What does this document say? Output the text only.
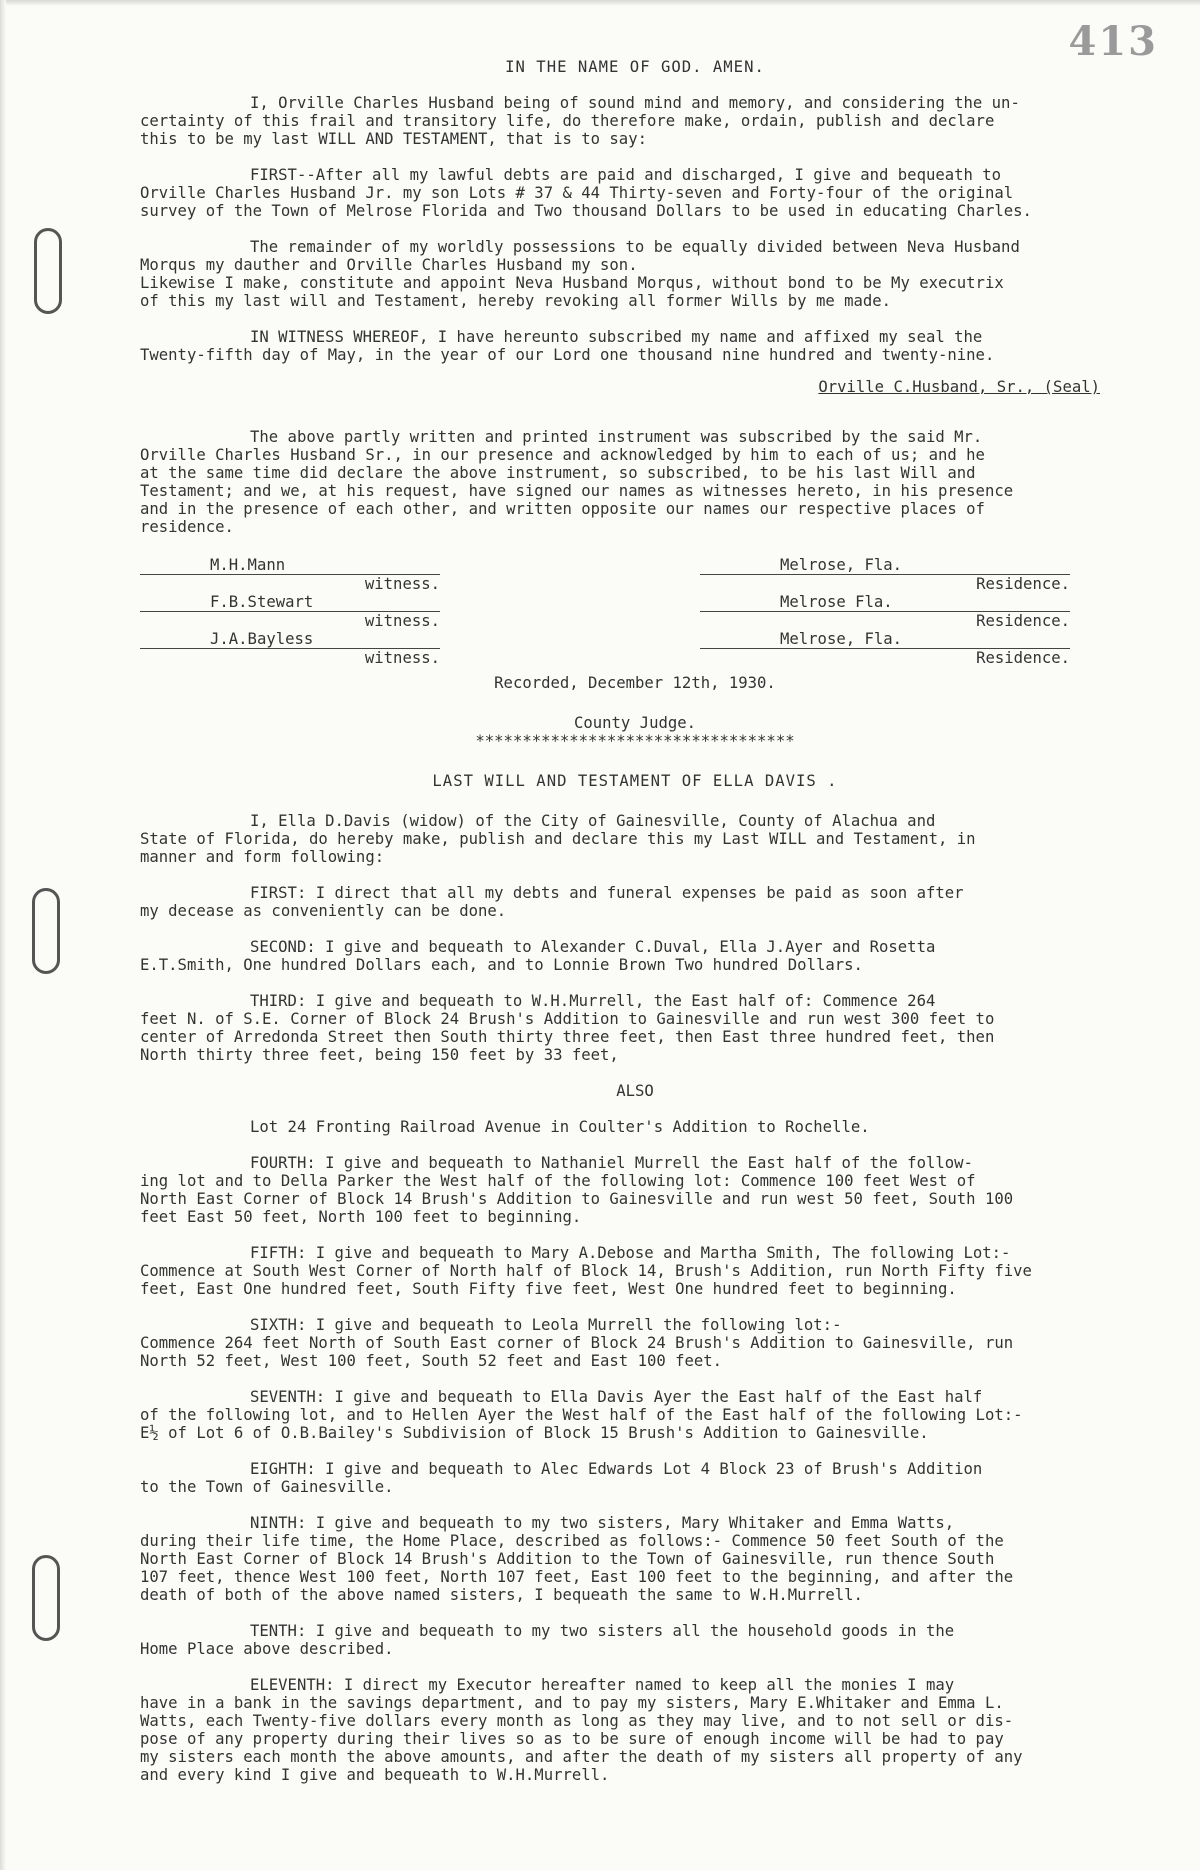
413

IN THE NAME OF GOD. AMEN.

I, Orville Charles Husband being of sound mind and memory, and considering the un-
certainty of this frail and transitory life, do therefore make, ordain, publish and declare
this to be my last WILL AND TESTAMENT, that is to say:

FIRST--After all my lawful debts are paid and discharged, I give and bequeath to
Orville Charles Husband Jr. my son Lots # 37 & 44 Thirty-seven and Forty-four of the original
survey of the Town of Melrose Florida and Two thousand Dollars to be used in educating Charles.

The remainder of my worldly possessions to be equally divided between Neva Husband
Morqus my dauther and Orville Charles Husband my son.

Likewise I make, constitute and appoint Neva Husband Morqus, without bond to be My executrix
of this my last will and Testament, hereby revoking all former Wills by me made.

IN WITNESS WHEREOF, I have hereunto subscribed my name and affixed my seal the
Twenty-fifth day of May, in the year of our Lord one thousand nine hundred and twenty-nine.

Orville C.Husband, Sr., (Seal)

The above partly written and printed instrument was subscribed by the said Mr.
Orville Charles Husband Sr., in our presence and acknowledged by him to each of us; and he
at the same time did declare the above instrument, so subscribed, to be his last Will and
Testament; and we, at his request, have signed our names as witnesses hereto, in his presence
and in the presence of each other, and written opposite our names our respective places of
residence.

M.H.Mann
witness.
F.B.Stewart
witness.
J.A.Bayless
witness.
Melrose, Fla.
Residence.
Melrose Fla.
Residence.
Melrose, Fla.
Residence.

Recorded, December 12th, 1930.

County Judge.

**********************************

LAST WILL AND TESTAMENT OF ELLA DAVIS .

I, Ella D.Davis (widow) of the City of Gainesville, County of Alachua and
State of Florida, do hereby make, publish and declare this my Last WILL and Testament, in
manner and form following:

FIRST: I direct that all my debts and funeral expenses be paid as soon after
my decease as conveniently can be done.

SECOND: I give and bequeath to Alexander C.Duval, Ella J.Ayer and Rosetta
E.T.Smith, One hundred Dollars each, and to Lonnie Brown Two hundred Dollars.

THIRD: I give and bequeath to W.H.Murrell, the East half of: Commence 264
feet N. of S.E. Corner of Block 24 Brush's Addition to Gainesville and run west 300 feet to
center of Arredonda Street then South thirty three feet, then East three hundred feet, then
North thirty three feet, being 150 feet by 33 feet,

ALSO

Lot 24 Fronting Railroad Avenue in Coulter's Addition to Rochelle.

FOURTH: I give and bequeath to Nathaniel Murrell the East half of the follow-
ing lot and to Della Parker the West half of the following lot: Commence 100 feet West of
North East Corner of Block 14 Brush's Addition to Gainesville and run west 50 feet, South 100
feet East 50 feet, North 100 feet to beginning.

FIFTH: I give and bequeath to Mary A.Debose and Martha Smith, The following Lot:-
Commence at South West Corner of North half of Block 14, Brush's Addition, run North Fifty five
feet, East One hundred feet, South Fifty five feet, West One hundred feet to beginning.

SIXTH: I give and bequeath to Leola Murrell the following lot:-
Commence 264 feet North of South East corner of Block 24 Brush's Addition to Gainesville, run
North 52 feet, West 100 feet, South 52 feet and East 100 feet.

SEVENTH: I give and bequeath to Ella Davis Ayer the East half of the East half
of the following lot, and to Hellen Ayer the West half of the East half of the following Lot:-
E½ of Lot 6 of O.B.Bailey's Subdivision of Block 15 Brush's Addition to Gainesville.

EIGHTH: I give and bequeath to Alec Edwards Lot 4 Block 23 of Brush's Addition
to the Town of Gainesville.

NINTH: I give and bequeath to my two sisters, Mary Whitaker and Emma Watts,
during their life time, the Home Place, described as follows:- Commence 50 feet South of the
North East Corner of Block 14 Brush's Addition to the Town of Gainesville, run thence South
107 feet, thence West 100 feet, North 107 feet, East 100 feet to the beginning, and after the
death of both of the above named sisters, I bequeath the same to W.H.Murrell.

TENTH: I give and bequeath to my two sisters all the household goods in the
Home Place above described.

ELEVENTH: I direct my Executor hereafter named to keep all the monies I may
have in a bank in the savings department, and to pay my sisters, Mary E.Whitaker and Emma L.
Watts, each Twenty-five dollars every month as long as they may live, and to not sell or dis-
pose of any property during their lives so as to be sure of enough income will be had to pay
my sisters each month the above amounts, and after the death of my sisters all property of any
and every kind I give and bequeath to W.H.Murrell.
